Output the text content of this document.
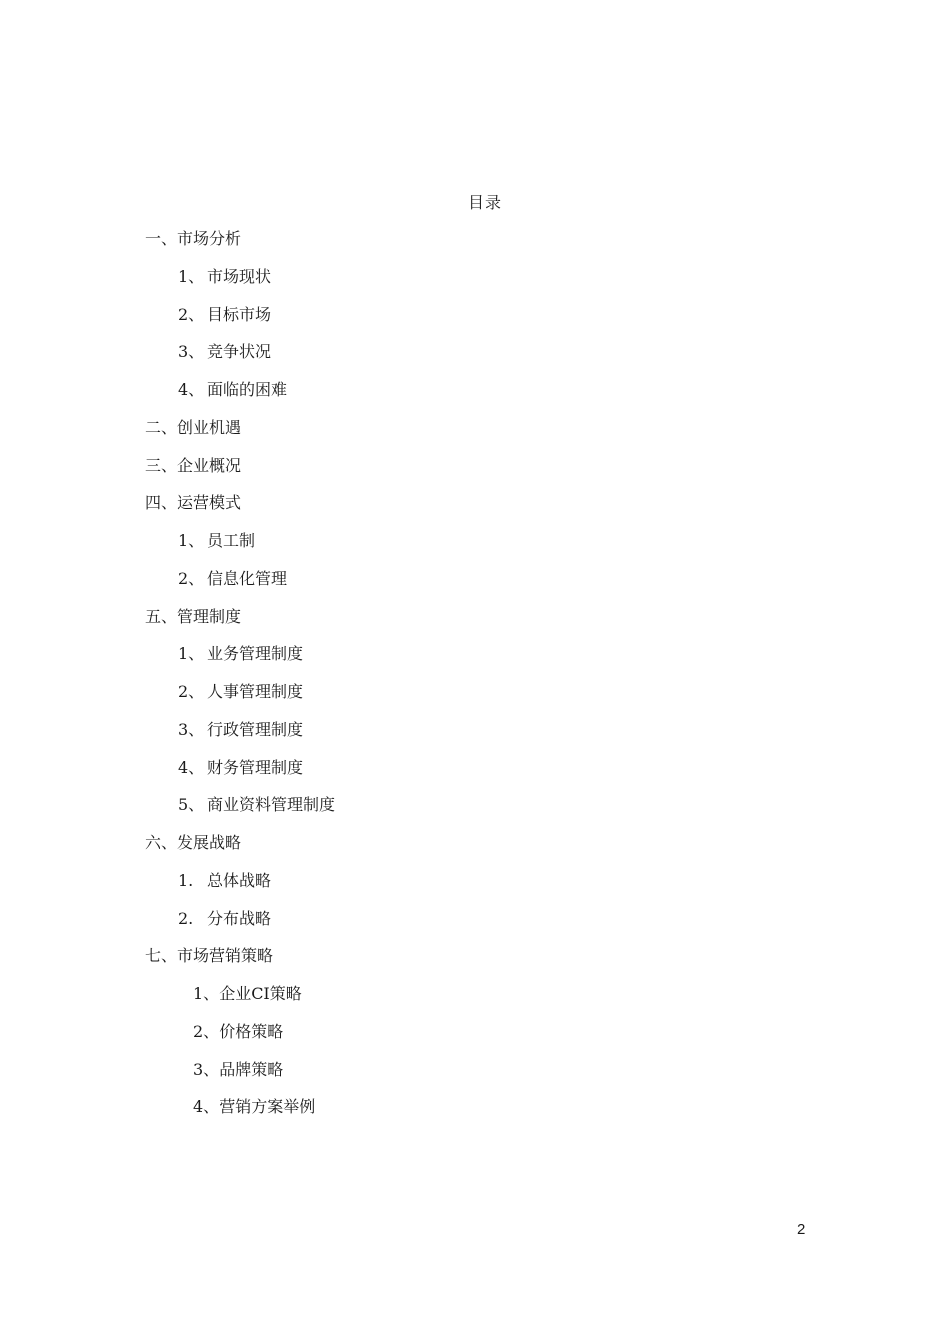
目录
一、市场分析
1、 市场现状
2、 目标市场
3、 竞争状况
4、 面临的困难
二、创业机遇
三、企业概况
四、运营模式
1、 员工制
2、 信息化管理
五、管理制度
1、 业务管理制度
2、 人事管理制度
3、 行政管理制度
4、 财务管理制度
5、 商业资料管理制度
六、发展战略
1. 总体战略
2. 分布战略
七、市场营销策略
1、企业CI策略
2、价格策略
3、品牌策略
4、营销方案举例
2
